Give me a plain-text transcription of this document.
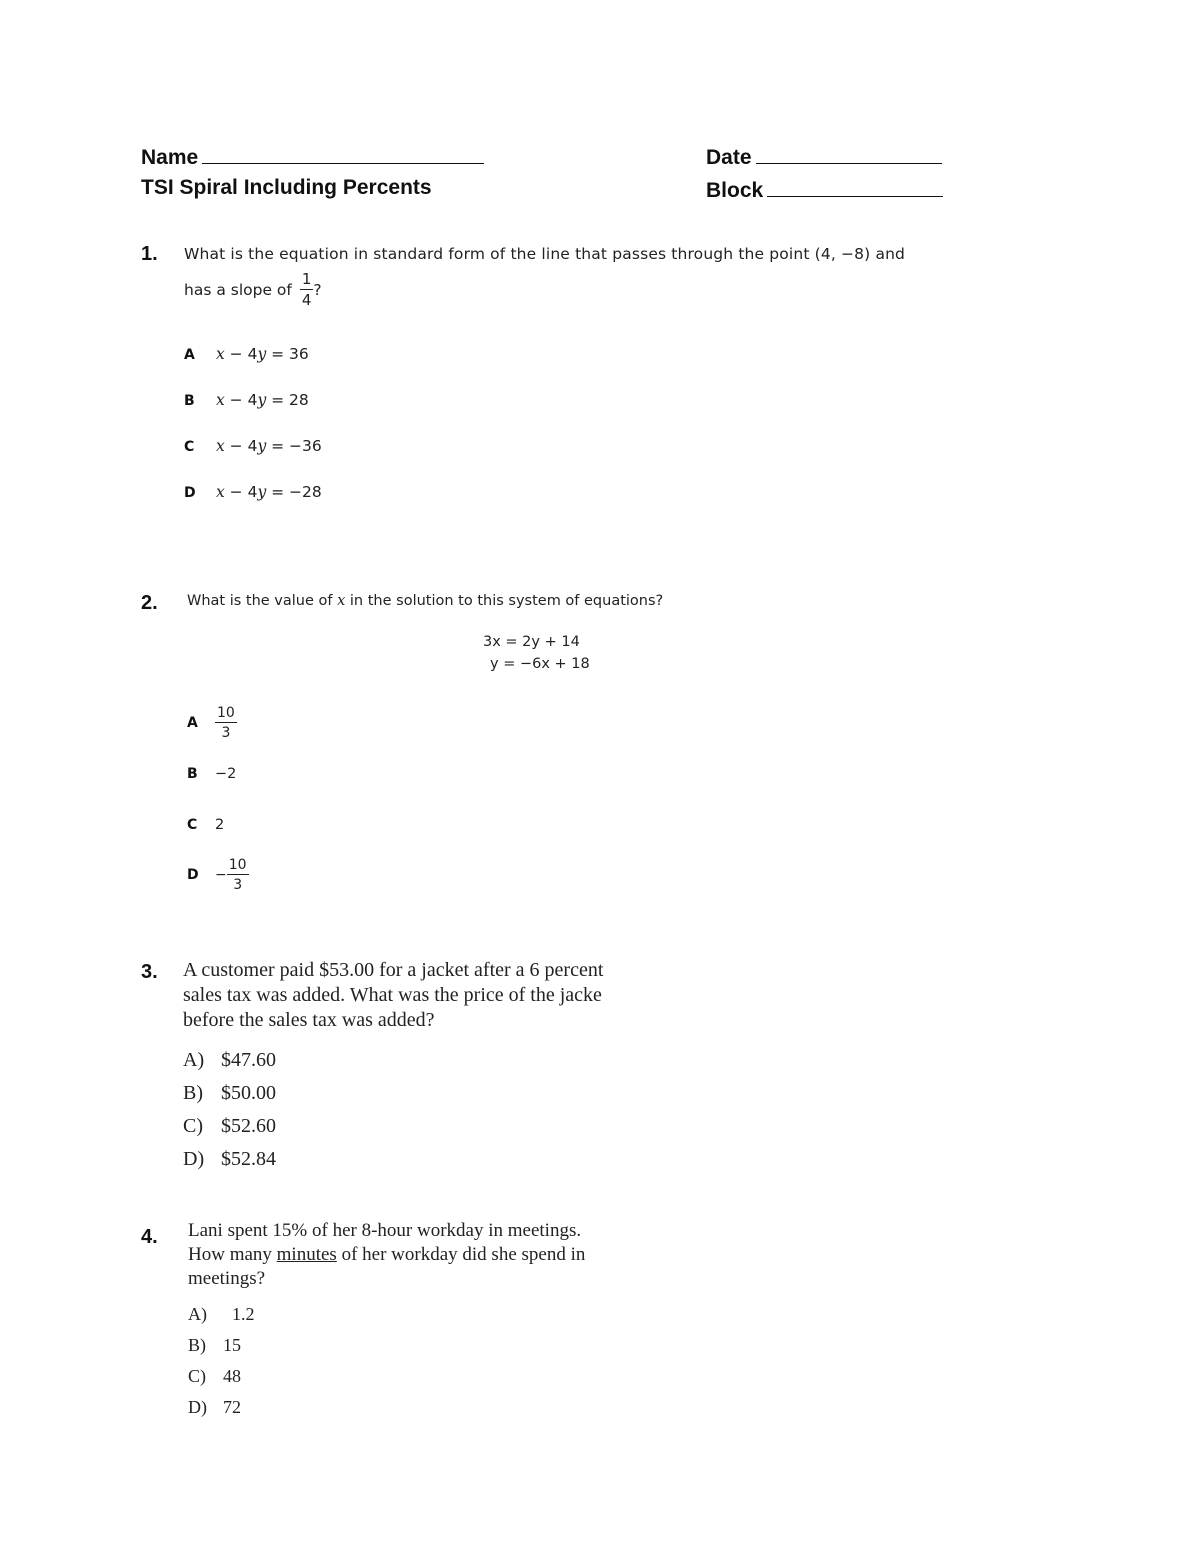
Name	Date
TSI Spiral Including Percents	Block
1. What is the equation in standard form of the line that passes through the point (4, −8) and
has a slope of $\frac{1}{4}$ ?
A x − 4y = 36
B x − 4y = 28
C x − 4y = −36
D x − 4y = −28
2. What is the value of x in the solution to this system of equations?
3x = 2y + 14
y = −6x + 18
A	$\frac{10}{3}$
B −2
C 2
D	− $\frac{10}{3}$
3. A customer paid $53.00 for a jacket after a 6 percent
sales tax was added. What was the price of the jacke
before the sales tax was added?
A) $47.60
B) $50.00
C) $52.60
D) $52.84
4. Lani spent 15% of her 8-hour workday in meetings.
How many minutes of her workday did she spend in
meetings?
A) 1.2
B) 15
C) 48
D) 72
